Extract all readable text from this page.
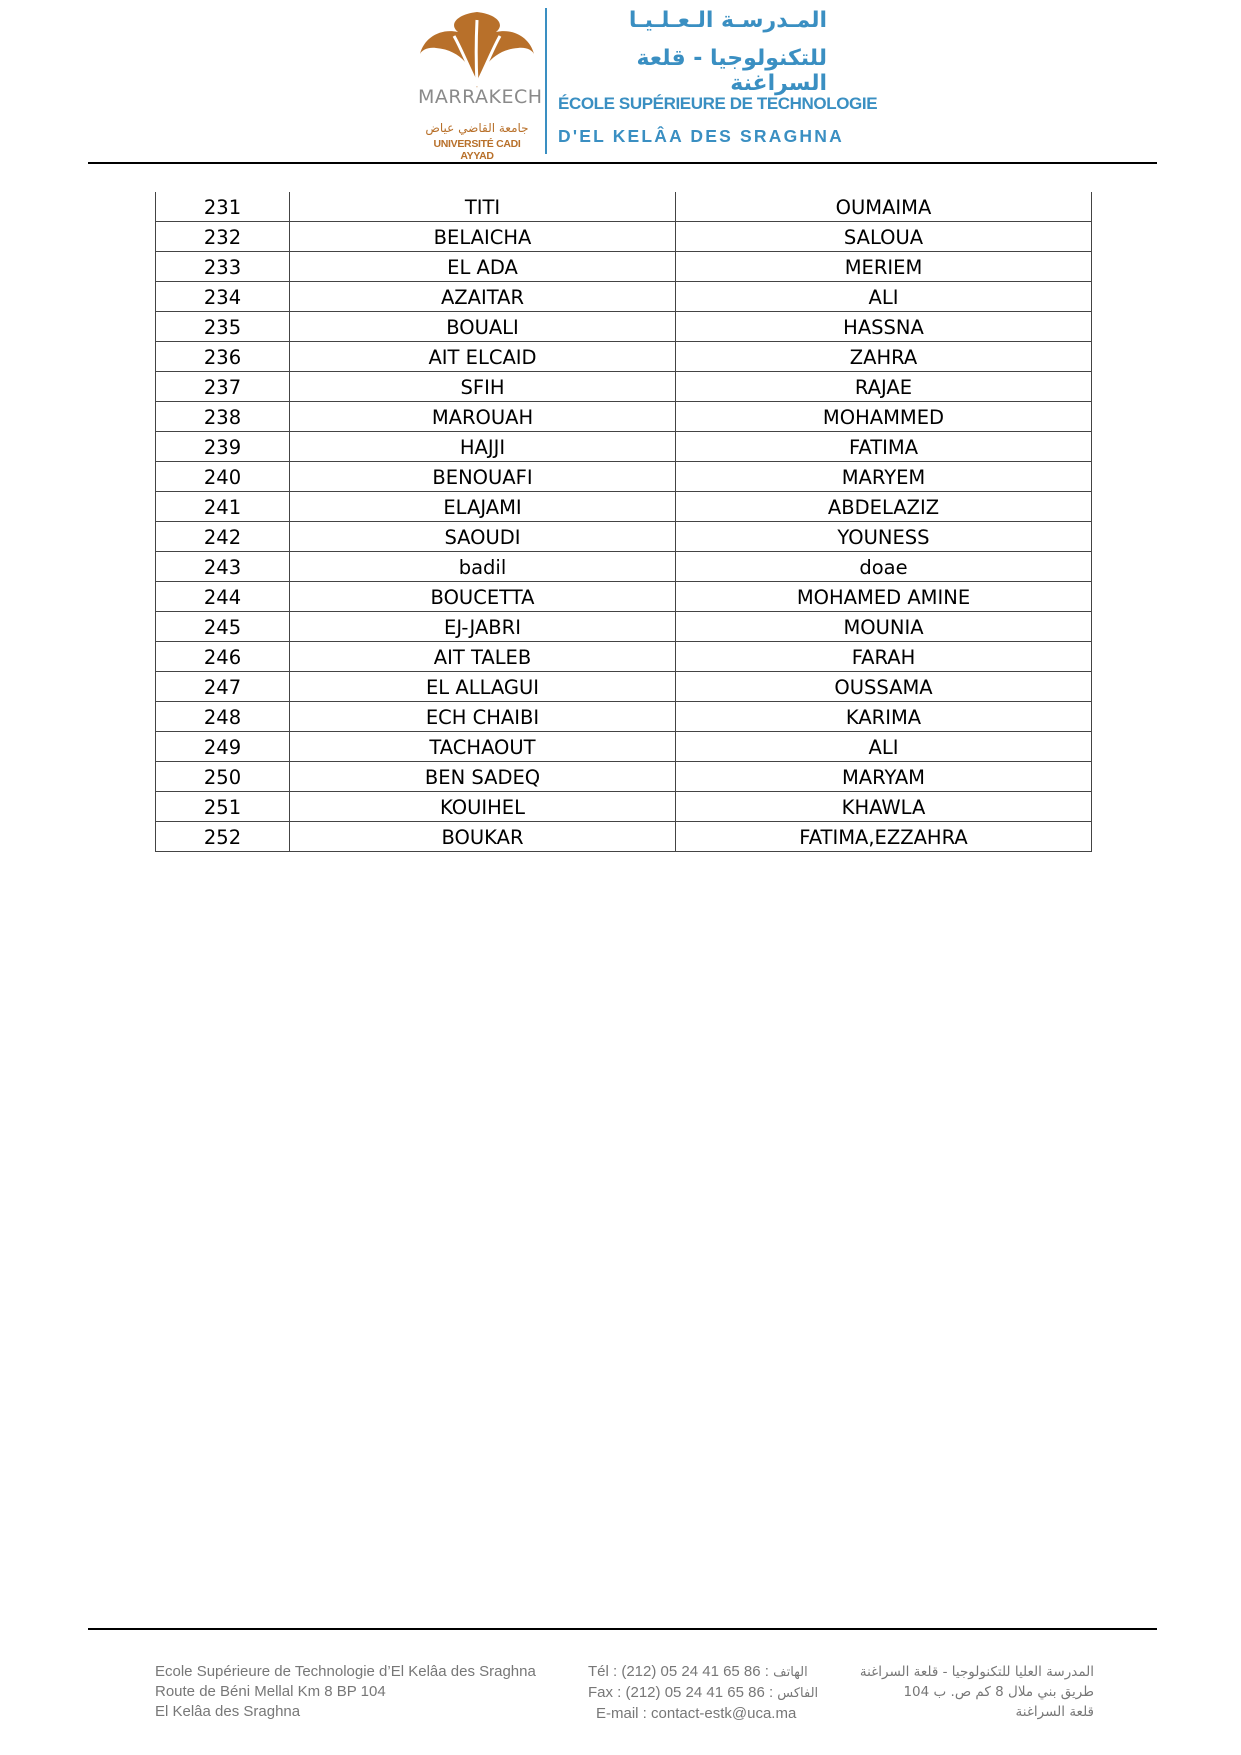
MARRAKECH
جامعة القاضي عياض
UNIVERSITÉ CADI AYYAD
المـدرسـة الـعـلـيـا
للتكنولوجيا - قلعة السراغنة
ÉCOLE SUPÉRIEURE DE TECHNOLOGIE
D'EL KELÂA DES SRAGHNA
231	TITI	OUMAIMA
232	BELAICHA	SALOUA
233	EL ADA	MERIEM
234	AZAITAR	ALI
235	BOUALI	HASSNA
236	AIT ELCAID	ZAHRA
237	SFIH	RAJAE
238	MAROUAH	MOHAMMED
239	HAJJI	FATIMA
240	BENOUAFI	MARYEM
241	ELAJAMI	ABDELAZIZ
242	SAOUDI	YOUNESS
243	badil	doae
244	BOUCETTA	MOHAMED AMINE
245	EJ-JABRI	MOUNIA
246	AIT TALEB	FARAH
247	EL ALLAGUI	OUSSAMA
248	ECH CHAIBI	KARIMA
249	TACHAOUT	ALI
250	BEN SADEQ	MARYAM
251	KOUIHEL	KHAWLA
252	BOUKAR	FATIMA,EZZAHRA
Ecole Supérieure de Technologie d’El Kelâa des Sraghna
Route de Béni Mellal Km 8 BP 104
El Kelâa des Sraghna
Tél : (212) 05 24 41 65 86 : الهاتف
Fax : (212) 05 24 41 65 86 : الفاكس
E-mail : contact-estk@uca.ma
المدرسة العليا للتكنولوجيا - قلعة السراغنة
طريق بني ملال 8 كم ص. ب 104
قلعة السراغنة
